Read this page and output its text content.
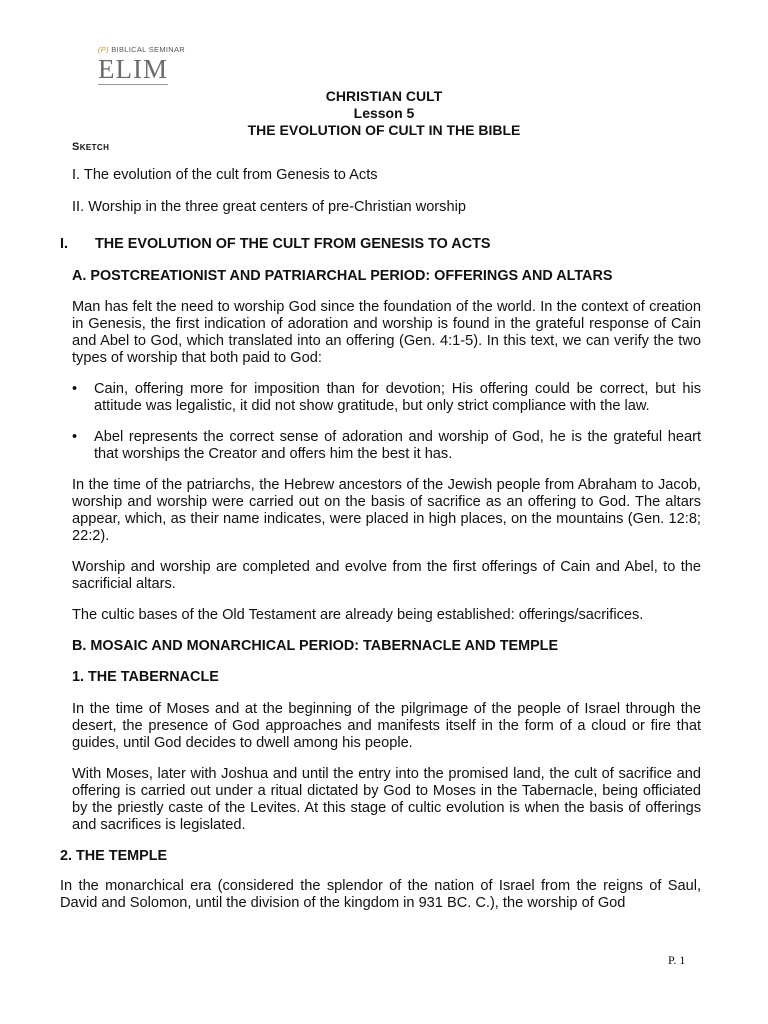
(P) BIBLICAL SEMINAR
ELIM
CHRISTIAN CULT
Lesson 5
THE EVOLUTION OF CULT IN THE BIBLE
Sketch
I. The evolution of the cult from Genesis to Acts
II. Worship in the three great centers of pre-Christian worship
I. THE EVOLUTION OF THE CULT FROM GENESIS TO ACTS
A. POSTCREATIONIST AND PATRIARCHAL PERIOD: OFFERINGS AND ALTARS
Man has felt the need to worship God since the foundation of the world. In the context of creation in Genesis, the first indication of adoration and worship is found in the grateful response of Cain and Abel to God, which translated into an offering (Gen. 4:1-5). In this text, we can verify the two types of worship that both paid to God:
• Cain, offering more for imposition than for devotion; His offering could be correct, but his attitude was legalistic, it did not show gratitude, but only strict compliance with the law.
• Abel represents the correct sense of adoration and worship of God, he is the grateful heart that worships the Creator and offers him the best it has.
In the time of the patriarchs, the Hebrew ancestors of the Jewish people from Abraham to Jacob, worship and worship were carried out on the basis of sacrifice as an offering to God. The altars appear, which, as their name indicates, were placed in high places, on the mountains (Gen. 12:8; 22:2).
Worship and worship are completed and evolve from the first offerings of Cain and Abel, to the sacrificial altars.
The cultic bases of the Old Testament are already being established: offerings/sacrifices.
B. MOSAIC AND MONARCHICAL PERIOD: TABERNACLE AND TEMPLE
1. THE TABERNACLE
In the time of Moses and at the beginning of the pilgrimage of the people of Israel through the desert, the presence of God approaches and manifests itself in the form of a cloud or fire that guides, until God decides to dwell among his people.
With Moses, later with Joshua and until the entry into the promised land, the cult of sacrifice and offering is carried out under a ritual dictated by God to Moses in the Tabernacle, being officiated by the priestly caste of the Levites. At this stage of cultic evolution is when the basis of offerings and sacrifices is legislated.
2. THE TEMPLE
In the monarchical era (considered the splendor of the nation of Israel from the reigns of Saul, David and Solomon, until the division of the kingdom in 931 BC. C.), the worship of God
P. 1
